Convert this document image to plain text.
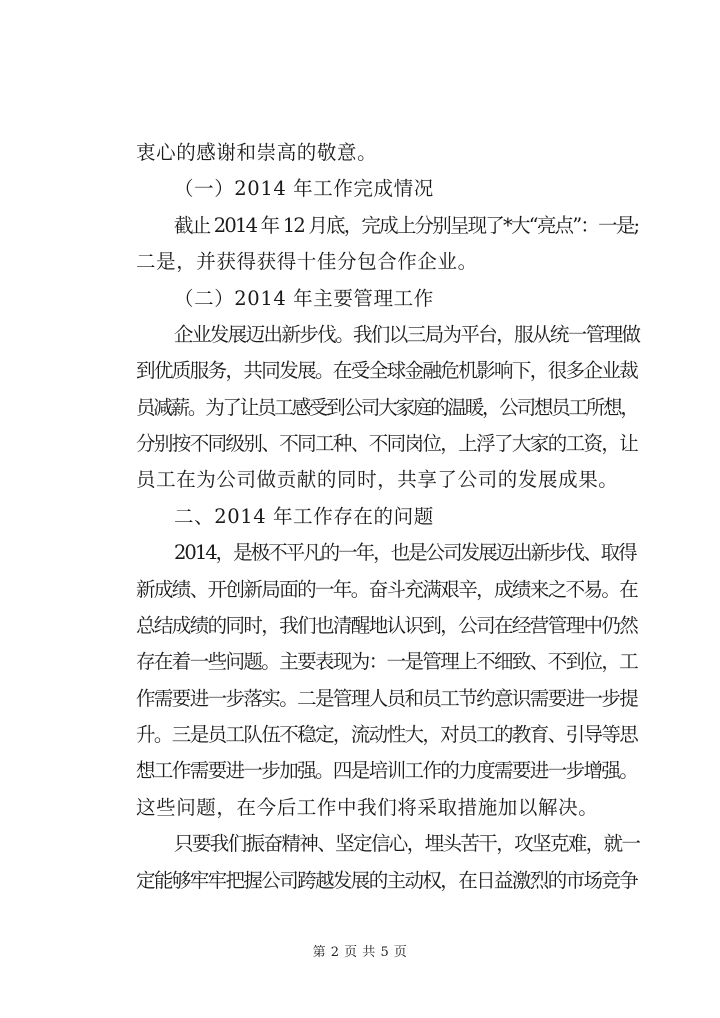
衷心的感谢和崇高的敬意。
（一）2014 年工作完成情况
截止 2014 年 12 月底，完成上分别呈现了*大“亮点”：一是;
二是，并获得获得十佳分包合作企业。
（二）2014 年主要管理工作
企业发展迈出新步伐。我们以三局为平台，服从统一管理做
到优质服务，共同发展。在受全球金融危机影响下，很多企业裁
员减薪。为了让员工感受到公司大家庭的温暖，公司想员工所想，
分别按不同级别、不同工种、不同岗位，上浮了大家的工资，让
员工在为公司做贡献的同时，共享了公司的发展成果。
二、2014 年工作存在的问题
2014，是极不平凡的一年，也是公司发展迈出新步伐、取得
新成绩、开创新局面的一年。奋斗充满艰辛，成绩来之不易。在
总结成绩的同时，我们也清醒地认识到，公司在经营管理中仍然
存在着一些问题。主要表现为：一是管理上不细致、不到位，工
作需要进一步落实。二是管理人员和员工节约意识需要进一步提
升。三是员工队伍不稳定，流动性大，对员工的教育、引导等思
想工作需要进一步加强。四是培训工作的力度需要进一步增强。
这些问题，在今后工作中我们将采取措施加以解决。
只要我们振奋精神、坚定信心，埋头苦干，攻坚克难，就一
定能够牢牢把握公司跨越发展的主动权，在日益激烈的市场竞争
第 2 页 共 5 页
